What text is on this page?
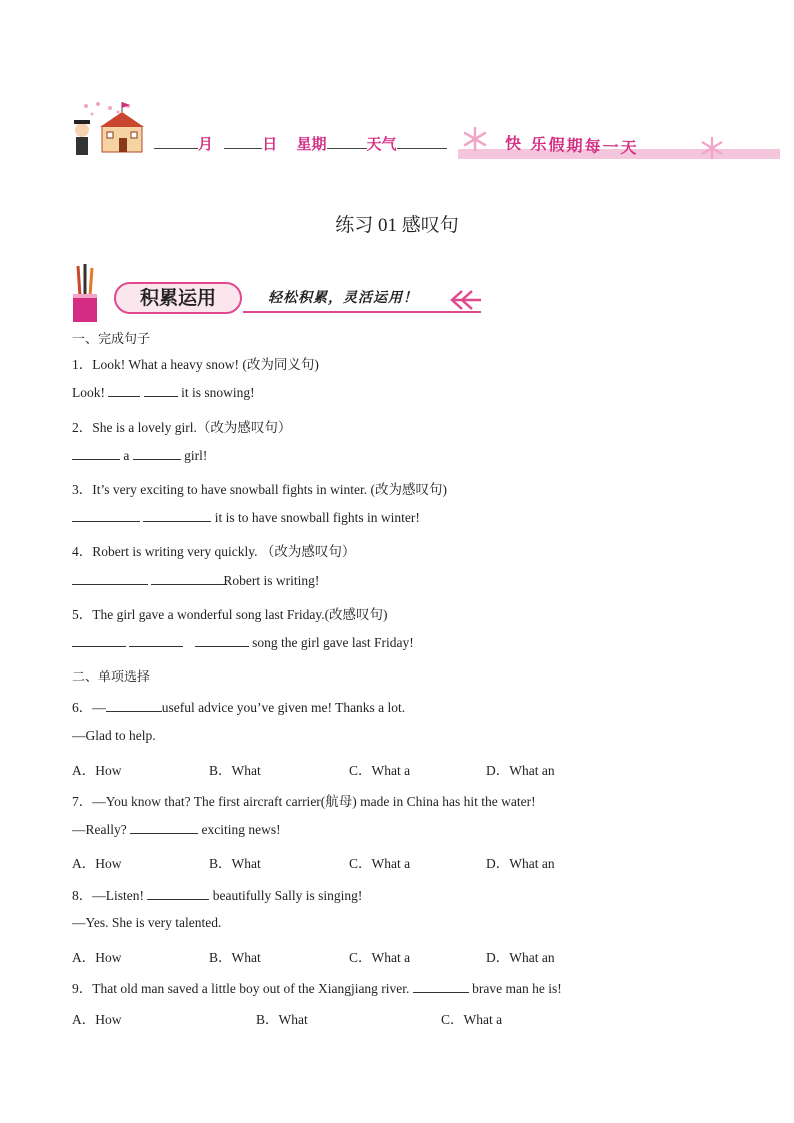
月	日 星期	天气	快 乐假期每一天
练习 01 感叹句
积累运用	轻松积累，灵活运用！
一、完成句子
1．Look! What a heavy snow! (改为同义句)
Look!	it is snowing!
2．She is a lovely girl.（改为感叹句）
a	girl!
3．It’s very exciting to have snowball fights in winter. (改为感叹句)
it is to have snowball fights in winter!
4．Robert is writing very quickly. （改为感叹句）
Robert is writing!
5．The girl gave a wonderful song last Friday.(改感叹句)
song the girl gave last Friday!
二、单项选择
6．—	useful advice you’ve given me! Thanks a lot.
—Glad to help.
A．How	B．What	C．What a	D．What an
7．—You know that? The first aircraft carrier(航母) made in China has hit the water!
—Really?	exciting news!
A．How	B．What	C．What a	D．What an
8．—Listen!	beautifully Sally is singing!
—Yes. She is very talented.
A．How	B．What	C．What a	D．What an
9．That old man saved a little boy out of the Xiangjiang river.	brave man he is!
A．How	B．What	C．What a
